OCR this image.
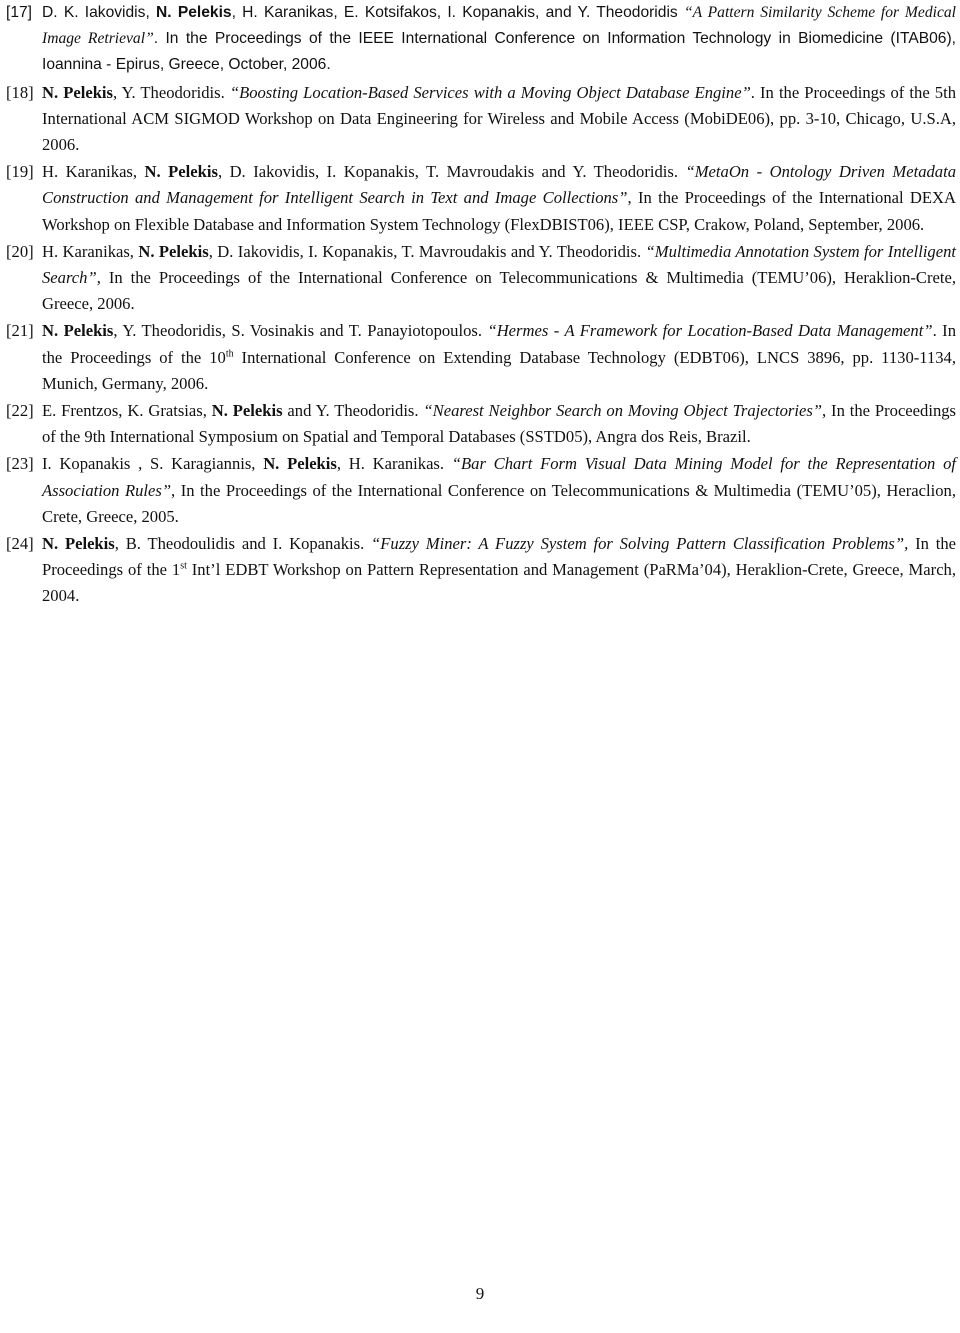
[17] D. K. Iakovidis, N. Pelekis, H. Karanikas, E. Kotsifakos, I. Kopanakis, and Y. Theodoridis “A Pattern Similarity Scheme for Medical Image Retrieval”. In the Proceedings of the IEEE International Conference on Information Technology in Biomedicine (ITAB06), Ioannina - Epirus, Greece, October, 2006.
[18] N. Pelekis, Y. Theodoridis. “Boosting Location-Based Services with a Moving Object Database Engine”. In the Proceedings of the 5th International ACM SIGMOD Workshop on Data Engineering for Wireless and Mobile Access (MobiDE06), pp. 3-10, Chicago, U.S.A, 2006.
[19] H. Karanikas, N. Pelekis, D. Iakovidis, I. Kopanakis, T. Mavroudakis and Y. Theodoridis. “MetaOn - Ontology Driven Metadata Construction and Management for Intelligent Search in Text and Image Collections”, In the Proceedings of the International DEXA Workshop on Flexible Database and Information System Technology (FlexDBIST06), IEEE CSP, Crakow, Poland, September, 2006.
[20] H. Karanikas, N. Pelekis, D. Iakovidis, I. Kopanakis, T. Mavroudakis and Y. Theodoridis. “Multimedia Annotation System for Intelligent Search”, In the Proceedings of the International Conference on Telecommunications & Multimedia (TEMU’06), Heraklion-Crete, Greece, 2006.
[21] N. Pelekis, Y. Theodoridis, S. Vosinakis and T. Panayiotopoulos. “Hermes - A Framework for Location-Based Data Management”. In the Proceedings of the 10th International Conference on Extending Database Technology (EDBT06), LNCS 3896, pp. 1130-1134, Munich, Germany, 2006.
[22] E. Frentzos, K. Gratsias, N. Pelekis and Y. Theodoridis. “Nearest Neighbor Search on Moving Object Trajectories”, In the Proceedings of the 9th International Symposium on Spatial and Temporal Databases (SSTD05), Angra dos Reis, Brazil.
[23] I. Kopanakis , S. Karagiannis, N. Pelekis, H. Karanikas. “Bar Chart Form Visual Data Mining Model for the Representation of Association Rules”, In the Proceedings of the International Conference on Telecommunications & Multimedia (TEMU’05), Heraclion, Crete, Greece, 2005.
[24] N. Pelekis, B. Theodoulidis and I. Kopanakis. “Fuzzy Miner: A Fuzzy System for Solving Pattern Classification Problems”, In the Proceedings of the 1st Int’l EDBT Workshop on Pattern Representation and Management (PaRMa’04), Heraklion-Crete, Greece, March, 2004.
9
